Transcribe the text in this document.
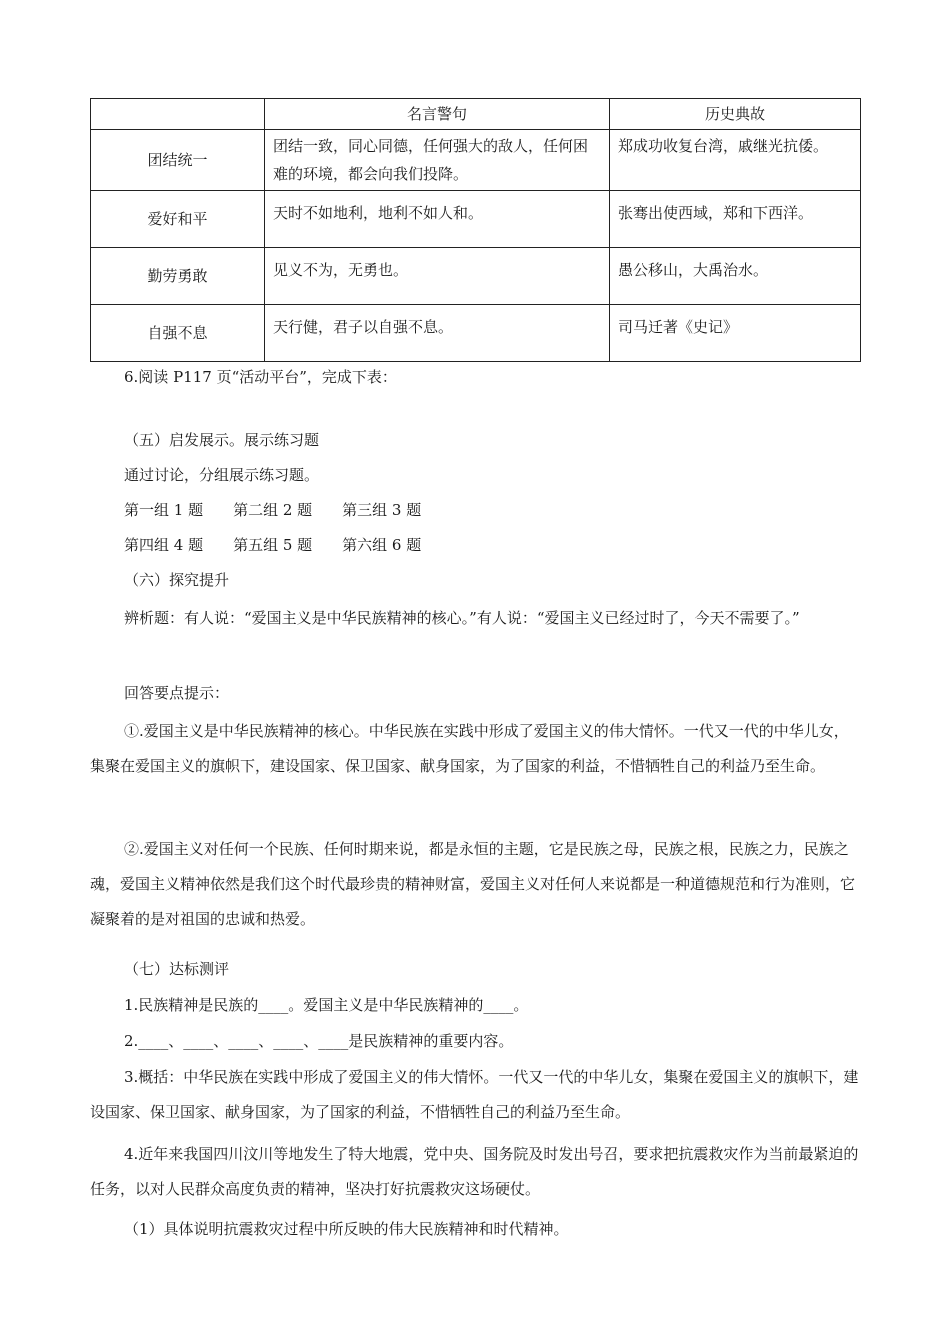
	名言警句	历史典故
团结统一	团结一致，同心同德，任何强大的敌人，任何困难的环境，都会向我们投降。	郑成功收复台湾，戚继光抗倭。
爱好和平	天时不如地利，地利不如人和。	张骞出使西域，郑和下西洋。
勤劳勇敢	见义不为，无勇也。	愚公移山，大禹治水。
自强不息	天行健，君子以自强不息。	司马迁著《史记》
6.阅读 P117 页“活动平台”，完成下表：
（五）启发展示。展示练习题
通过讨论，分组展示练习题。
第一组 1 题　　第二组 2 题　　第三组 3 题
第四组 4 题　　第五组 5 题　　第六组 6 题
（六）探究提升
辨析题：有人说：“爱国主义是中华民族精神的核心。”有人说：“爱国主义已经过时了，今天不需要了。”
回答要点提示：
①.爱国主义是中华民族精神的核心。中华民族在实践中形成了爱国主义的伟大情怀。一代又一代的中华儿女，集聚在爱国主义的旗帜下，建设国家、保卫国家、献身国家，为了国家的利益，不惜牺牲自己的利益乃至生命。
②.爱国主义对任何一个民族、任何时期来说，都是永恒的主题，它是民族之母，民族之根，民族之力，民族之魂，爱国主义精神依然是我们这个时代最珍贵的精神财富，爱国主义对任何人来说都是一种道德规范和行为准则，它凝聚着的是对祖国的忠诚和热爱。
（七）达标测评
1.民族精神是民族的____。爱国主义是中华民族精神的____。
2.____、____、____、____、____是民族精神的重要内容。
3.概括：中华民族在实践中形成了爱国主义的伟大情怀。一代又一代的中华儿女，集聚在爱国主义的旗帜下，建设国家、保卫国家、献身国家，为了国家的利益，不惜牺牲自己的利益乃至生命。
4.近年来我国四川汶川等地发生了特大地震，党中央、国务院及时发出号召，要求把抗震救灾作为当前最紧迫的任务，以对人民群众高度负责的精神，坚决打好抗震救灾这场硬仗。
（1）具体说明抗震救灾过程中所反映的伟大民族精神和时代精神。
